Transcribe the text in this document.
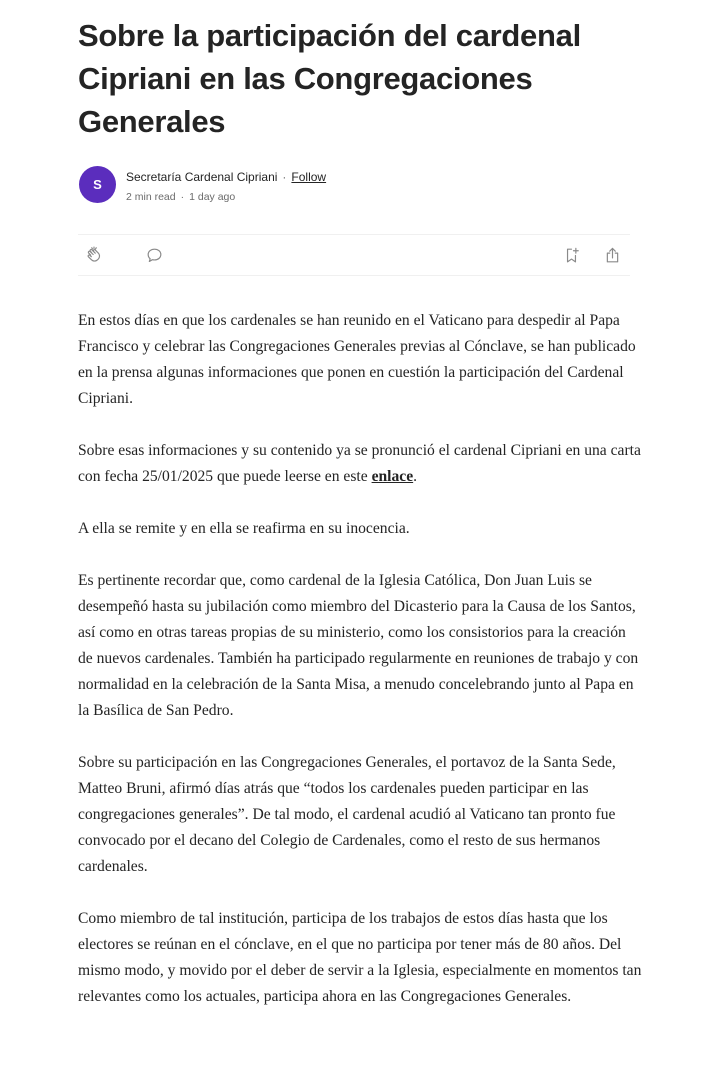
Sobre la participación del cardenal Cipriani en las Congregaciones Generales
S	Secretaría Cardenal Cipriani · Follow
2 min read · 1 day ago

En estos días en que los cardenales se han reunido en el Vaticano para despedir al Papa Francisco y celebrar las Congregaciones Generales previas al Cónclave, se han publicado en la prensa algunas informaciones que ponen en cuestión la participación del Cardenal Cipriani.

Sobre esas informaciones y su contenido ya se pronunció el cardenal Cipriani en una carta con fecha 25/01/2025 que puede leerse en este enlace.

A ella se remite y en ella se reafirma en su inocencia.

Es pertinente recordar que, como cardenal de la Iglesia Católica, Don Juan Luis se desempeñó hasta su jubilación como miembro del Dicasterio para la Causa de los Santos, así como en otras tareas propias de su ministerio, como los consistorios para la creación de nuevos cardenales. También ha participado regularmente en reuniones de trabajo y con normalidad en la celebración de la Santa Misa, a menudo concelebrando junto al Papa en la Basílica de San Pedro.

Sobre su participación en las Congregaciones Generales, el portavoz de la Santa Sede, Matteo Bruni, afirmó días atrás que “todos los cardenales pueden participar en las congregaciones generales”. De tal modo, el cardenal acudió al Vaticano tan pronto fue convocado por el decano del Colegio de Cardenales, como el resto de sus hermanos cardenales.

Como miembro de tal institución, participa de los trabajos de estos días hasta que los electores se reúnan en el cónclave, en el que no participa por tener más de 80 años. Del mismo modo, y movido por el deber de servir a la Iglesia, especialmente en momentos tan relevantes como los actuales, participa ahora en las Congregaciones Generales.
